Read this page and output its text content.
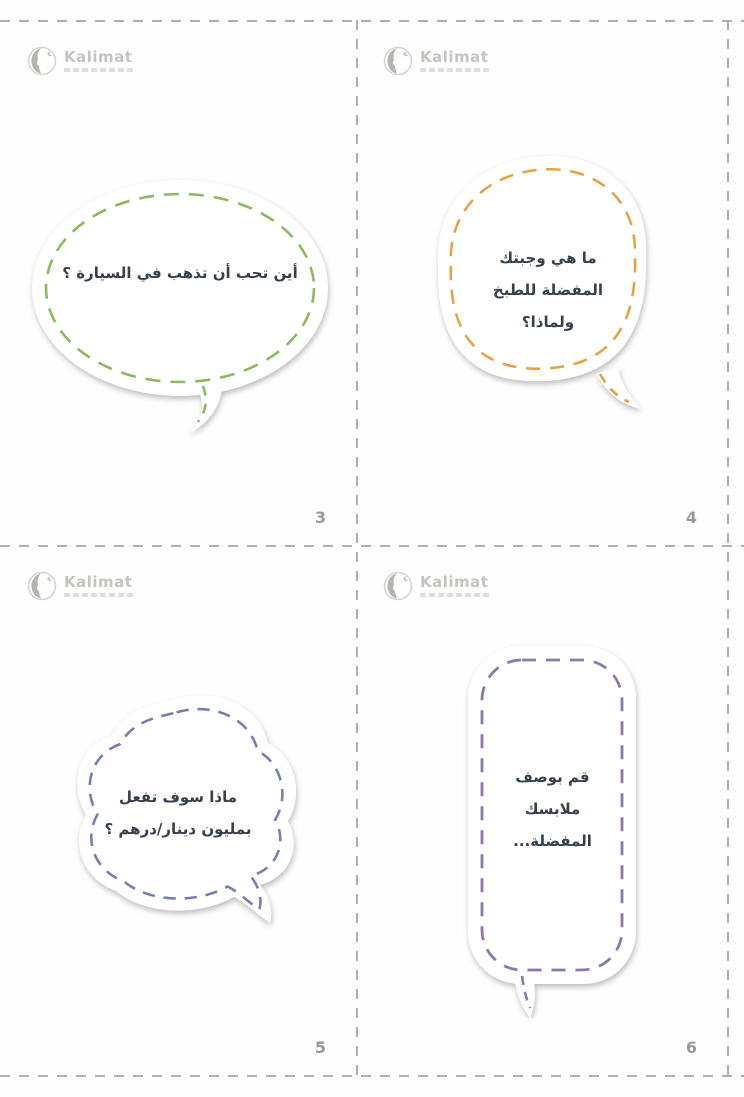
Kalimat
أين تحب أن تذهب في السيارة ؟
3
Kalimat
ما هي وجبتك
المفضلة للطبخ
ولماذا؟
4
Kalimat
ماذا سوف تفعل
بمليون دينار/درهم ؟
5
Kalimat
قم بوصف
ملابسك
المفضلة...
6
